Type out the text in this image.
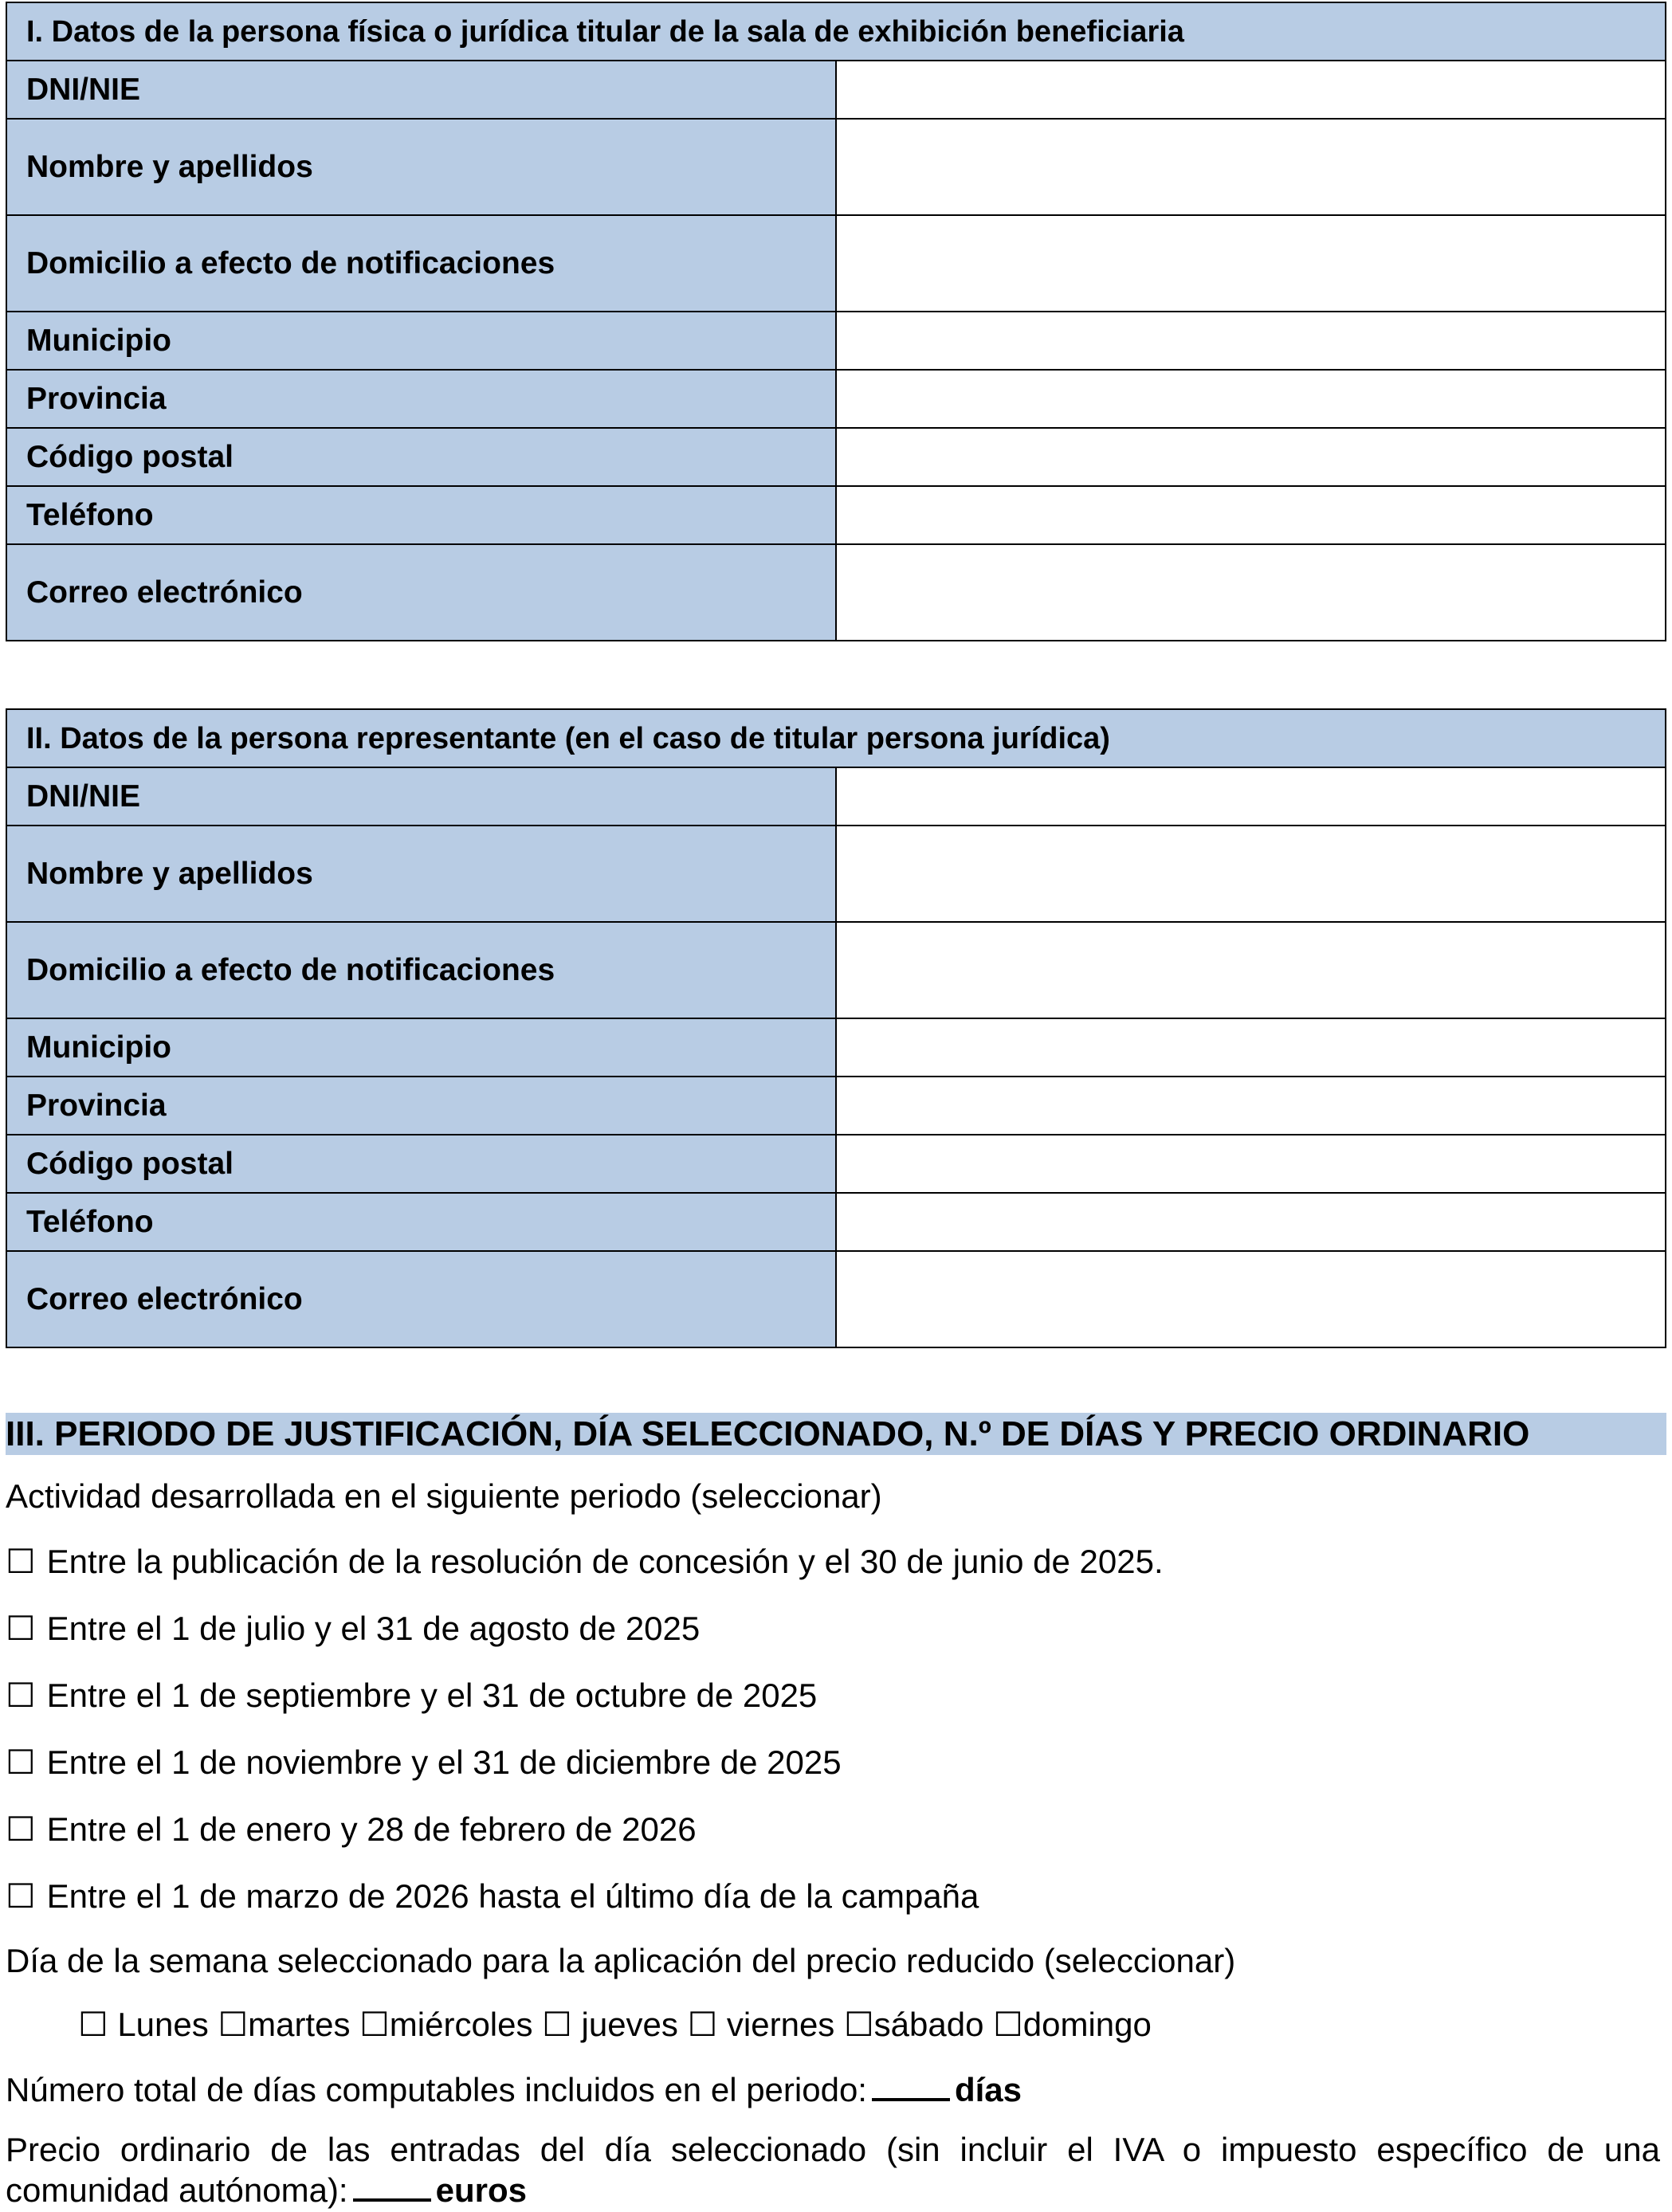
I. Datos de la persona física o jurídica titular de la sala de exhibición beneficiaria	
DNI/NIE	
Nombre y apellidos	
Domicilio a efecto de notificaciones	
Municipio	
Provincia	
Código postal	
Teléfono	
Correo electrónico	
II. Datos de la persona representante (en el caso de titular persona jurídica)	
DNI/NIE	
Nombre y apellidos	
Domicilio a efecto de notificaciones	
Municipio	
Provincia	
Código postal	
Teléfono	
Correo electrónico	
III. PERIODO DE JUSTIFICACIÓN, DÍA SELECCIONADO, N.º DE DÍAS Y PRECIO ORDINARIO
Actividad desarrollada en el siguiente periodo (seleccionar)
☐ Entre la publicación de la resolución de concesión y el 30 de junio de 2025.
☐ Entre el 1 de julio y el 31 de agosto de 2025
☐ Entre el 1 de septiembre y el 31 de octubre de 2025
☐ Entre el 1 de noviembre y el 31 de diciembre de 2025
☐ Entre el 1 de enero y 28 de febrero de 2026
☐ Entre el 1 de marzo de 2026 hasta el último día de la campaña
Día de la semana seleccionado para la aplicación del precio reducido (seleccionar)
☐ Lunes ☐martes ☐miércoles ☐ jueves ☐ viernes ☐sábado ☐domingo
Número total de días computables incluidos en el periodo:	días
Precio ordinario de las entradas del día seleccionado (sin incluir el IVA o impuesto específico de una
comunidad autónoma):	euros
